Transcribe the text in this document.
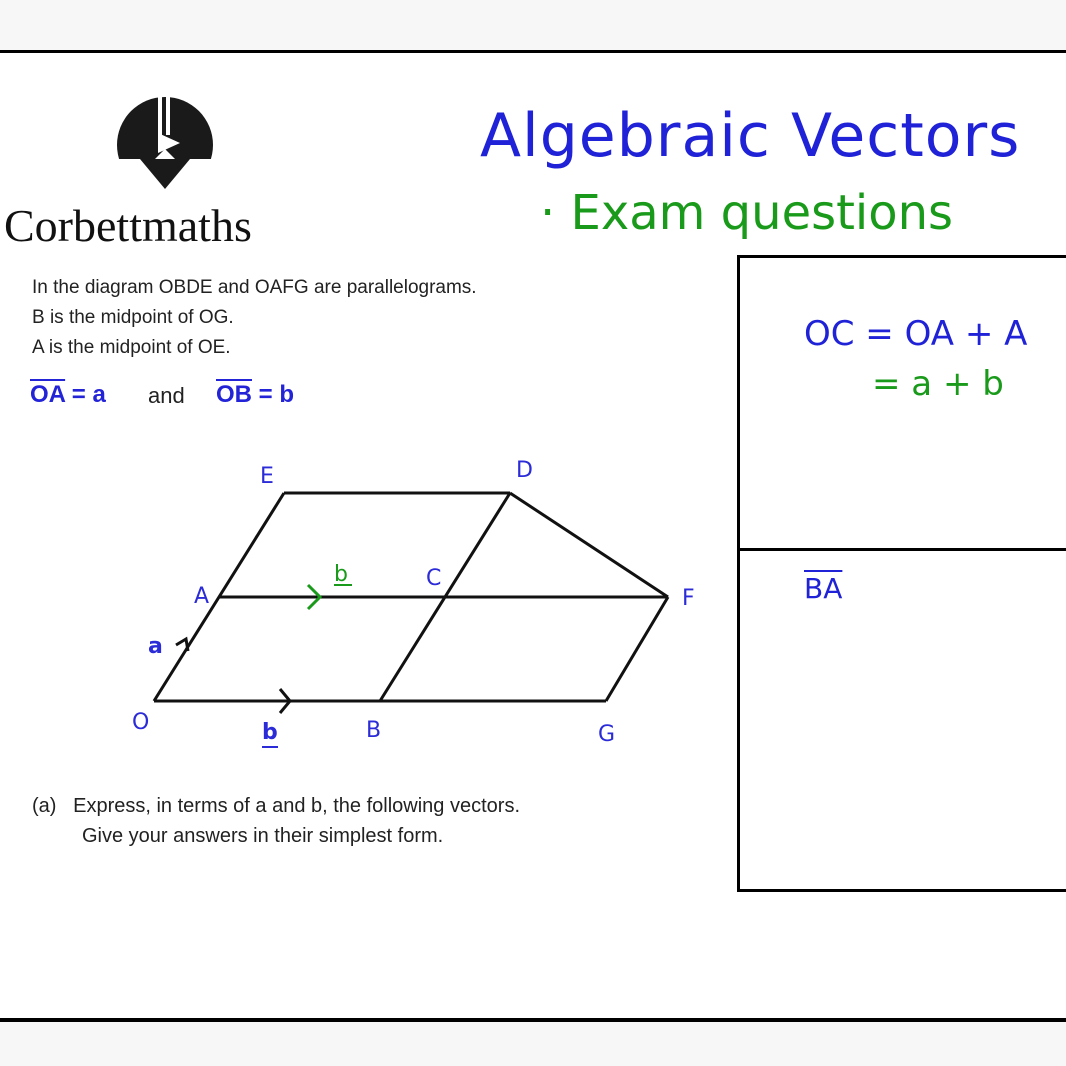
Corbettmaths
Algebraic Vectors
· Exam questions
In the diagram OBDE and OAFG are parallelograms.
B is the midpoint of OG.
A is the midpoint of OE.
$\overline{OA} = a$ and $\overline{OB} = b$
O
A
E	D
C
F
B	G
a
b
b
(a) Express, in terms of a and b, the following vectors.
Give your answers in their simplest form.
OC = OA + A
= a + b
$\overline{BA}$
